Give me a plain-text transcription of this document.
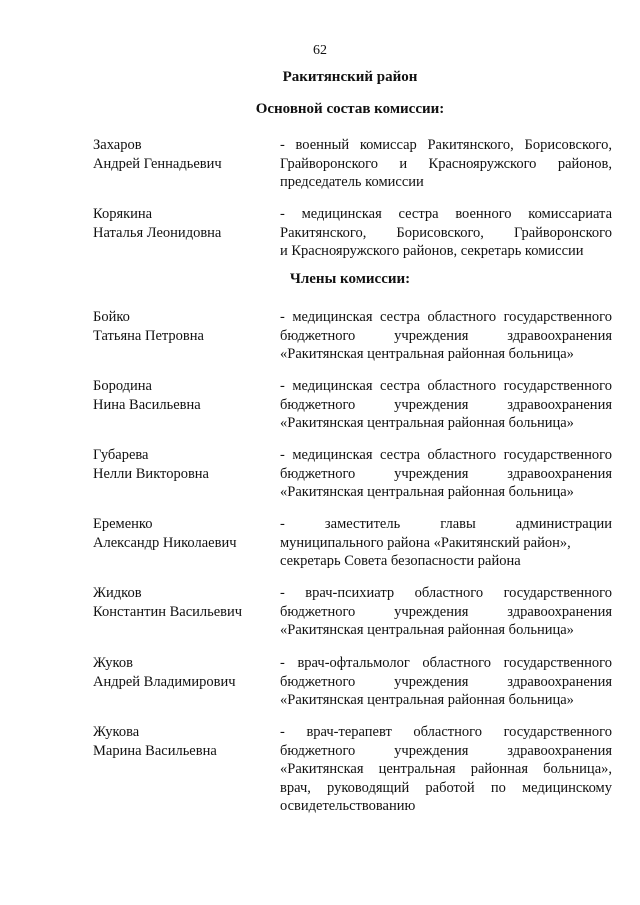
62
Ракитянский район
Основной состав комиссии:
Захаров
Андрей Геннадьевич
- военный комиссар Ракитянского, Борисовского,
Грайворонского и Краснояружского районов,
председатель комиссии
Корякина
Наталья Леонидовна
- медицинская сестра военного комиссариата
Ракитянского, Борисовского, Грайворонского
и Краснояружского районов, секретарь комиссии
Члены комиссии:
Бойко
Татьяна Петровна
- медицинская сестра областного государственного
бюджетного учреждения здравоохранения
«Ракитянская центральная районная больница»
Бородина
Нина Васильевна
- медицинская сестра областного государственного
бюджетного учреждения здравоохранения
«Ракитянская центральная районная больница»
Губарева
Нелли Викторовна
- медицинская сестра областного государственного
бюджетного учреждения здравоохранения
«Ракитянская центральная районная больница»
Еременко
Александр Николаевич
- заместитель главы администрации
муниципального района «Ракитянский район»,
секретарь Совета безопасности района
Жидков
Константин Васильевич
- врач-психиатр областного государственного
бюджетного учреждения здравоохранения
«Ракитянская центральная районная больница»
Жуков
Андрей Владимирович
- врач-офтальмолог областного государственного
бюджетного учреждения здравоохранения
«Ракитянская центральная районная больница»
Жукова
Марина Васильевна
- врач-терапевт областного государственного
бюджетного учреждения здравоохранения
«Ракитянская центральная районная больница»,
врач, руководящий работой по медицинскому
освидетельствованию
